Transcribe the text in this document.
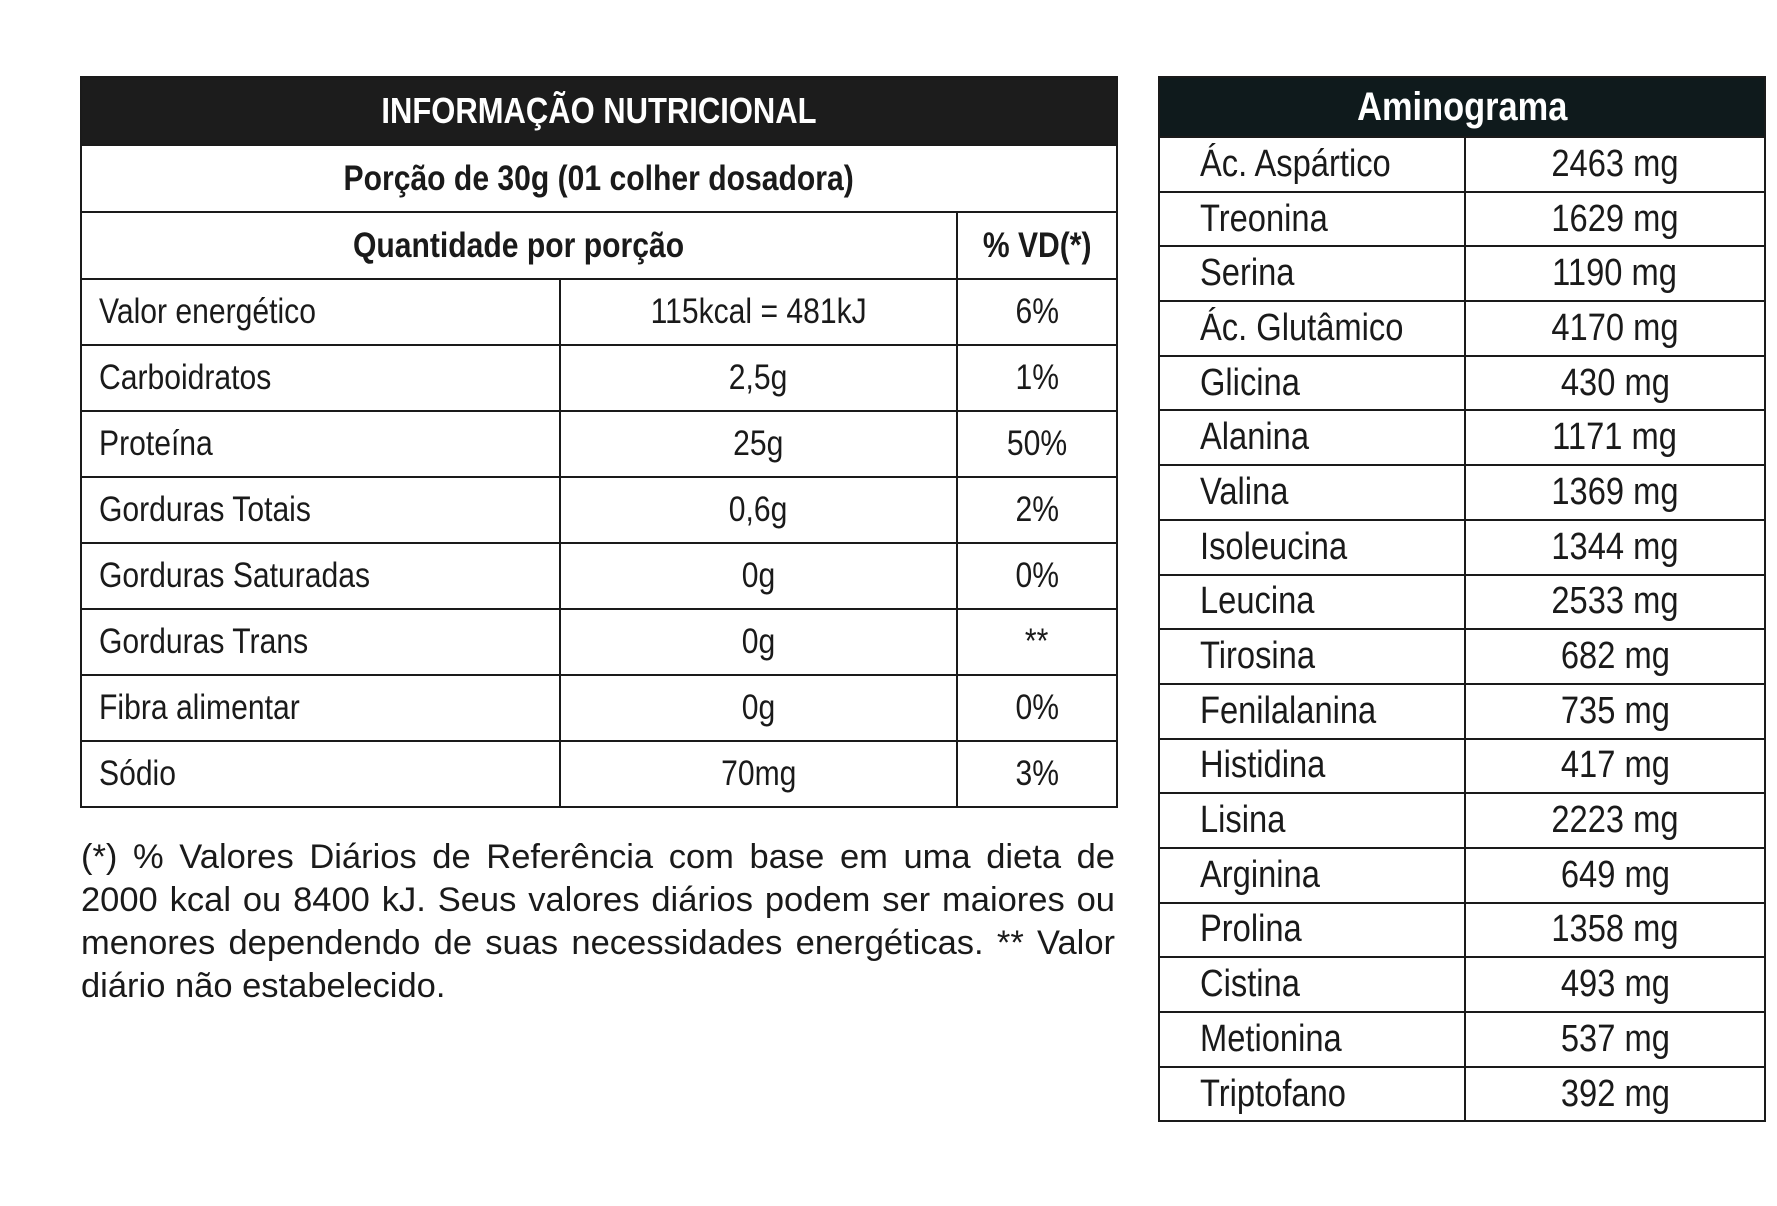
INFORMAÇÃO NUTRICIONAL		
Porção de 30g (01 colher dosadora)		
Quantidade por porção		% VD(*)
Valor energético	115kcal = 481kJ	6%
Carboidratos	2,5g	1%
Proteína	25g	50%
Gorduras Totais	0,6g	2%
Gorduras Saturadas	0g	0%
Gorduras Trans	0g	**
Fibra alimentar	0g	0%
Sódio	70mg	3%
(*) % Valores Diários de Referência com base em uma dieta de 2000 kcal ou 8400 kJ. Seus valores diários podem ser maiores ou menores dependendo de suas necessidades energéticas. ** Valor diário não estabelecido.
Aminograma	
Ác. Aspártico	2463 mg
Treonina	1629 mg
Serina	1190 mg
Ác. Glutâmico	4170 mg
Glicina	430 mg
Alanina	1171 mg
Valina	1369 mg
Isoleucina	1344 mg
Leucina	2533 mg
Tirosina	682 mg
Fenilalanina	735 mg
Histidina	417 mg
Lisina	2223 mg
Arginina	649 mg
Prolina	1358 mg
Cistina	493 mg
Metionina	537 mg
Triptofano	392 mg
